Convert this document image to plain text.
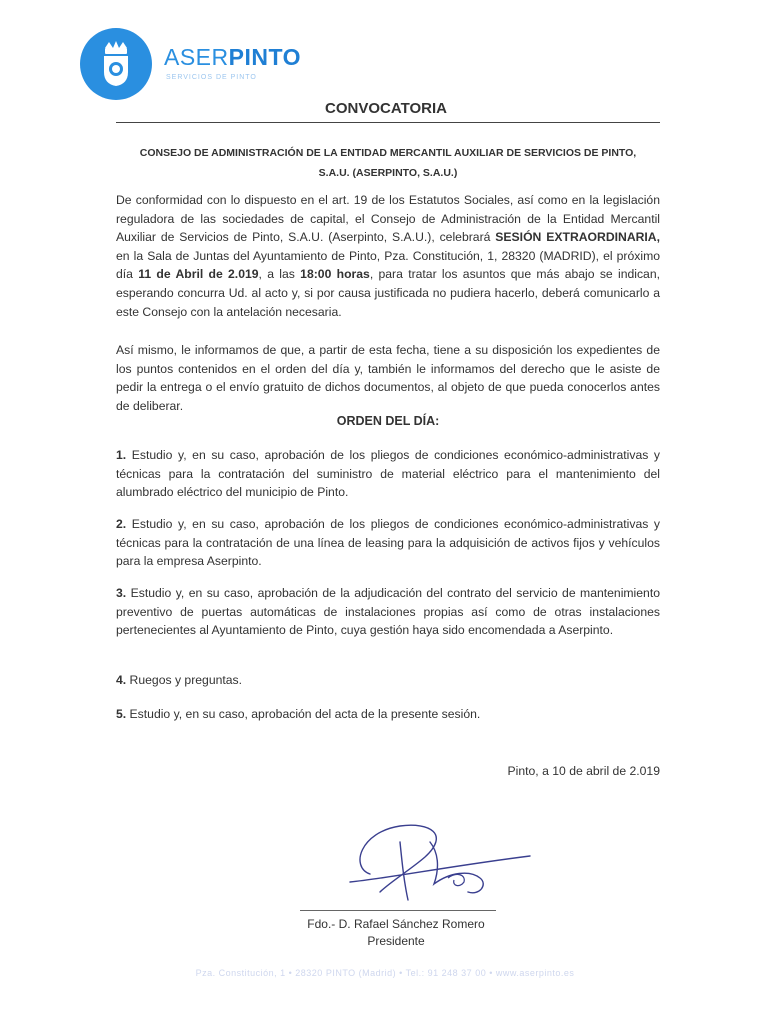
ASERPINTO
SERVICIOS DE PINTO
CONVOCATORIA
CONSEJO DE ADMINISTRACIÓN DE LA ENTIDAD MERCANTIL AUXILIAR DE SERVICIOS DE PINTO,
S.A.U. (ASERPINTO, S.A.U.)
De conformidad con lo dispuesto en el art. 19 de los Estatutos Sociales, así como en la legislación reguladora de las sociedades de capital, el Consejo de Administración de la Entidad Mercantil Auxiliar de Servicios de Pinto, S.A.U. (Aserpinto, S.A.U.), celebrará SESIÓN EXTRAORDINARIA, en la Sala de Juntas del Ayuntamiento de Pinto, Pza. Constitución, 1, 28320 (MADRID), el próximo día 11 de Abril de 2.019, a las 18:00 horas, para tratar los asuntos que más abajo se indican, esperando concurra Ud. al acto y, si por causa justificada no pudiera hacerlo, deberá comunicarlo a este Consejo con la antelación necesaria.
Así mismo, le informamos de que, a partir de esta fecha, tiene a su disposición los expedientes de los puntos contenidos en el orden del día y, también le informamos del derecho que le asiste de pedir la entrega o el envío gratuito de dichos documentos, al objeto de que pueda conocerlos antes de deliberar.
ORDEN DEL DÍA:
1. Estudio y, en su caso, aprobación de los pliegos de condiciones económico-administrativas y técnicas para la contratación del suministro de material eléctrico para el mantenimiento del alumbrado eléctrico del municipio de Pinto.
2. Estudio y, en su caso, aprobación de los pliegos de condiciones económico-administrativas y técnicas para la contratación de una línea de leasing para la adquisición de activos fijos y vehículos para la empresa Aserpinto.
3. Estudio y, en su caso, aprobación de la adjudicación del contrato del servicio de mantenimiento preventivo de puertas automáticas de instalaciones propias así como de otras instalaciones pertenecientes al Ayuntamiento de Pinto, cuya gestión haya sido encomendada a Aserpinto.
4. Ruegos y preguntas.
5. Estudio y, en su caso, aprobación del acta de la presente sesión.
Pinto, a 10 de abril de 2.019
Fdo.- D. Rafael Sánchez Romero
Presidente
Pza. Constitución, 1 • 28320 PINTO (Madrid) • Tel.: 91 248 37 00 • www.aserpinto.es
